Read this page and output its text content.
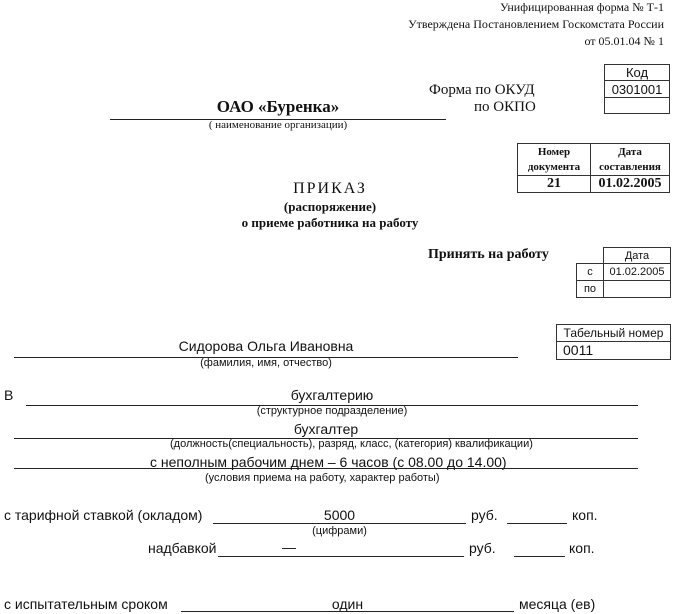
Унифицированная форма № Т-1
Утверждена Постановлением Госкомстата России
от 05.01.04 № 1
Код
0301001
Форма по ОКУД
по ОКПО
ОАО «Буренка»
( наименование организации)
Номер документа
Дата составления
21	01.02.2005
ПРИКАЗ
(распоряжение)
о приеме работника на работу
Принять на работу	Дата
с	01.02.2005
по
Табельный номер
0011
Сидорова Ольга Ивановна
(фамилия, имя, отчество)
В	бухгалтерию
(структурное подразделение)
бухгалтер
(должность(специальность), разряд, класс, (категория) квалификации)
с неполным рабочим днем – 6 часов (с 08.00 до 14.00)
(условия приема на работу, характер работы)
с тарифной ставкой (окладом)	5000	руб.	коп.
(цифрами)
надбавкой	—	руб.	коп.
с испытательным сроком	один	месяца (ев)
